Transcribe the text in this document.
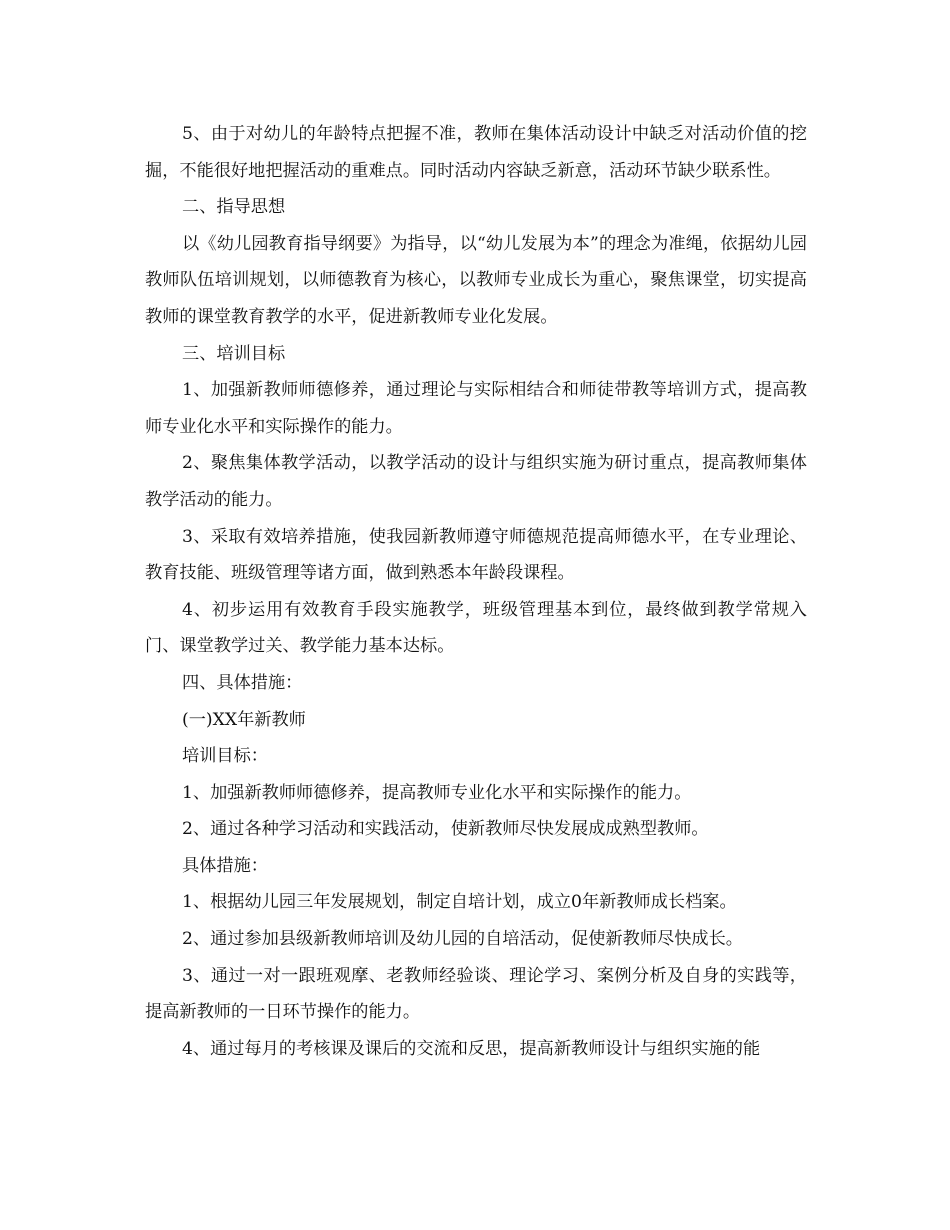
5、由于对幼儿的年龄特点把握不准，教师在集体活动设计中缺乏对活动价值的挖掘，不能很好地把握活动的重难点。同时活动内容缺乏新意，活动环节缺少联系性。

二、指导思想

以《幼儿园教育指导纲要》为指导，以“幼儿发展为本”的理念为准绳，依据幼儿园教师队伍培训规划，以师德教育为核心，以教师专业成长为重心，聚焦课堂，切实提高教师的课堂教育教学的水平，促进新教师专业化发展。

三、培训目标

1、加强新教师师德修养，通过理论与实际相结合和师徒带教等培训方式，提高教师专业化水平和实际操作的能力。

2、聚焦集体教学活动，以教学活动的设计与组织实施为研讨重点，提高教师集体教学活动的能力。

3、采取有效培养措施，使我园新教师遵守师德规范提高师德水平，在专业理论、教育技能、班级管理等诸方面，做到熟悉本年龄段课程。

4、初步运用有效教育手段实施教学，班级管理基本到位，最终做到教学常规入门、课堂教学过关、教学能力基本达标。

四、具体措施：

(一)XX年新教师

培训目标：

1、加强新教师师德修养，提高教师专业化水平和实际操作的能力。

2、通过各种学习活动和实践活动，使新教师尽快发展成成熟型教师。

具体措施：

1、根据幼儿园三年发展规划，制定自培计划，成立0年新教师成长档案。

2、通过参加县级新教师培训及幼儿园的自培活动，促使新教师尽快成长。

3、通过一对一跟班观摩、老教师经验谈、理论学习、案例分析及自身的实践等，提高新教师的一日环节操作的能力。

4、通过每月的考核课及课后的交流和反思，提高新教师设计与组织实施的能
